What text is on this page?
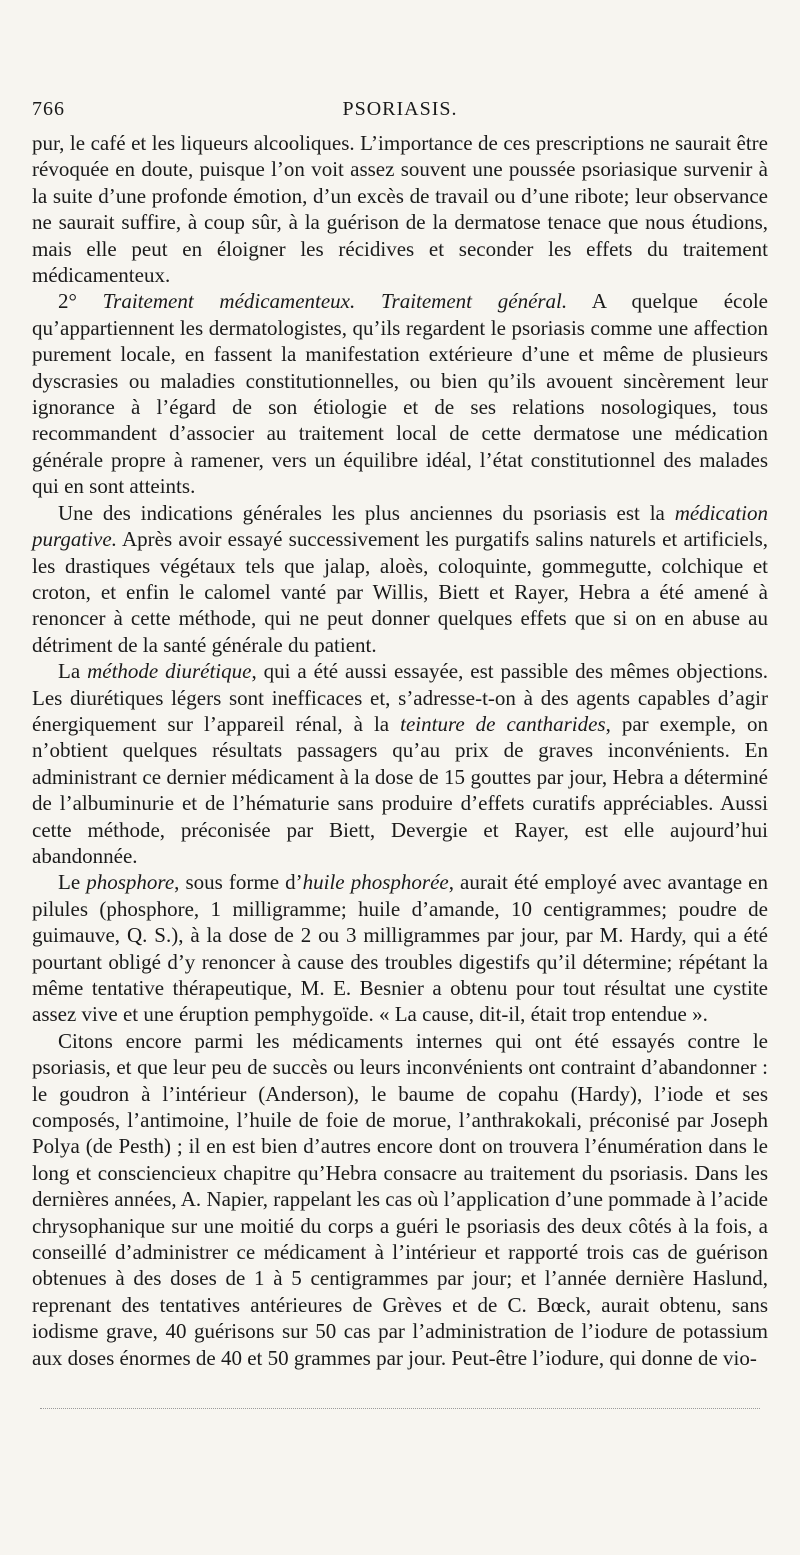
766	PSORIASIS.

pur, le café et les liqueurs alcooliques. L’importance de ces prescriptions ne saurait être révoquée en doute, puisque l’on voit assez souvent une poussée psoriasique survenir à la suite d’une profonde émotion, d’un excès de travail ou d’une ribote; leur observance ne saurait suffire, à coup sûr, à la guérison de la dermatose tenace que nous étudions, mais elle peut en éloigner les récidives et seconder les effets du traitement médicamenteux.

2° Traitement médicamenteux. Traitement général. A quelque école qu’appartiennent les dermatologistes, qu’ils regardent le psoriasis comme une affection purement locale, en fassent la manifestation extérieure d’une et même de plusieurs dyscrasies ou maladies constitutionnelles, ou bien qu’ils avouent sincèrement leur ignorance à l’égard de son étiologie et de ses relations nosologiques, tous recommandent d’associer au traitement local de cette dermatose une médication générale propre à ramener, vers un équilibre idéal, l’état constitutionnel des malades qui en sont atteints.

Une des indications générales les plus anciennes du psoriasis est la médication purgative. Après avoir essayé successivement les purgatifs salins naturels et artificiels, les drastiques végétaux tels que jalap, aloès, coloquinte, gommegutte, colchique et croton, et enfin le calomel vanté par Willis, Biett et Rayer, Hebra a été amené à renoncer à cette méthode, qui ne peut donner quelques effets que si on en abuse au détriment de la santé générale du patient.

La méthode diurétique, qui a été aussi essayée, est passible des mêmes objections. Les diurétiques légers sont inefficaces et, s’adresse-t-on à des agents capables d’agir énergiquement sur l’appareil rénal, à la teinture de cantharides, par exemple, on n’obtient quelques résultats passagers qu’au prix de graves inconvénients. En administrant ce dernier médicament à la dose de 15 gouttes par jour, Hebra a déterminé de l’albuminurie et de l’hématurie sans produire d’effets curatifs appréciables. Aussi cette méthode, préconisée par Biett, Devergie et Rayer, est elle aujourd’hui abandonnée.

Le phosphore, sous forme d’huile phosphorée, aurait été employé avec avantage en pilules (phosphore, 1 milligramme; huile d’amande, 10 centigrammes; poudre de guimauve, Q. S.), à la dose de 2 ou 3 milligrammes par jour, par M. Hardy, qui a été pourtant obligé d’y renoncer à cause des troubles digestifs qu’il détermine; répétant la même tentative thérapeutique, M. E. Besnier a obtenu pour tout résultat une cystite assez vive et une éruption pemphygoïde. « La cause, dit-il, était trop entendue ».

Citons encore parmi les médicaments internes qui ont été essayés contre le psoriasis, et que leur peu de succès ou leurs inconvénients ont contraint d’abandonner : le goudron à l’intérieur (Anderson), le baume de copahu (Hardy), l’iode et ses composés, l’antimoine, l’huile de foie de morue, l’anthrakokali, préconisé par Joseph Polya (de Pesth) ; il en est bien d’autres encore dont on trouvera l’énumération dans le long et consciencieux chapitre qu’Hebra consacre au traitement du psoriasis. Dans les dernières années, A. Napier, rappelant les cas où l’application d’une pommade à l’acide chrysophanique sur une moitié du corps a guéri le psoriasis des deux côtés à la fois, a conseillé d’administrer ce médicament à l’intérieur et rapporté trois cas de guérison obtenues à des doses de 1 à 5 centigrammes par jour; et l’année dernière Haslund, reprenant des tentatives antérieures de Grèves et de C. Bœck, aurait obtenu, sans iodisme grave, 40 guérisons sur 50 cas par l’administration de l’iodure de potassium aux doses énormes de 40 et 50 grammes par jour. Peut-être l’iodure, qui donne de vio-
